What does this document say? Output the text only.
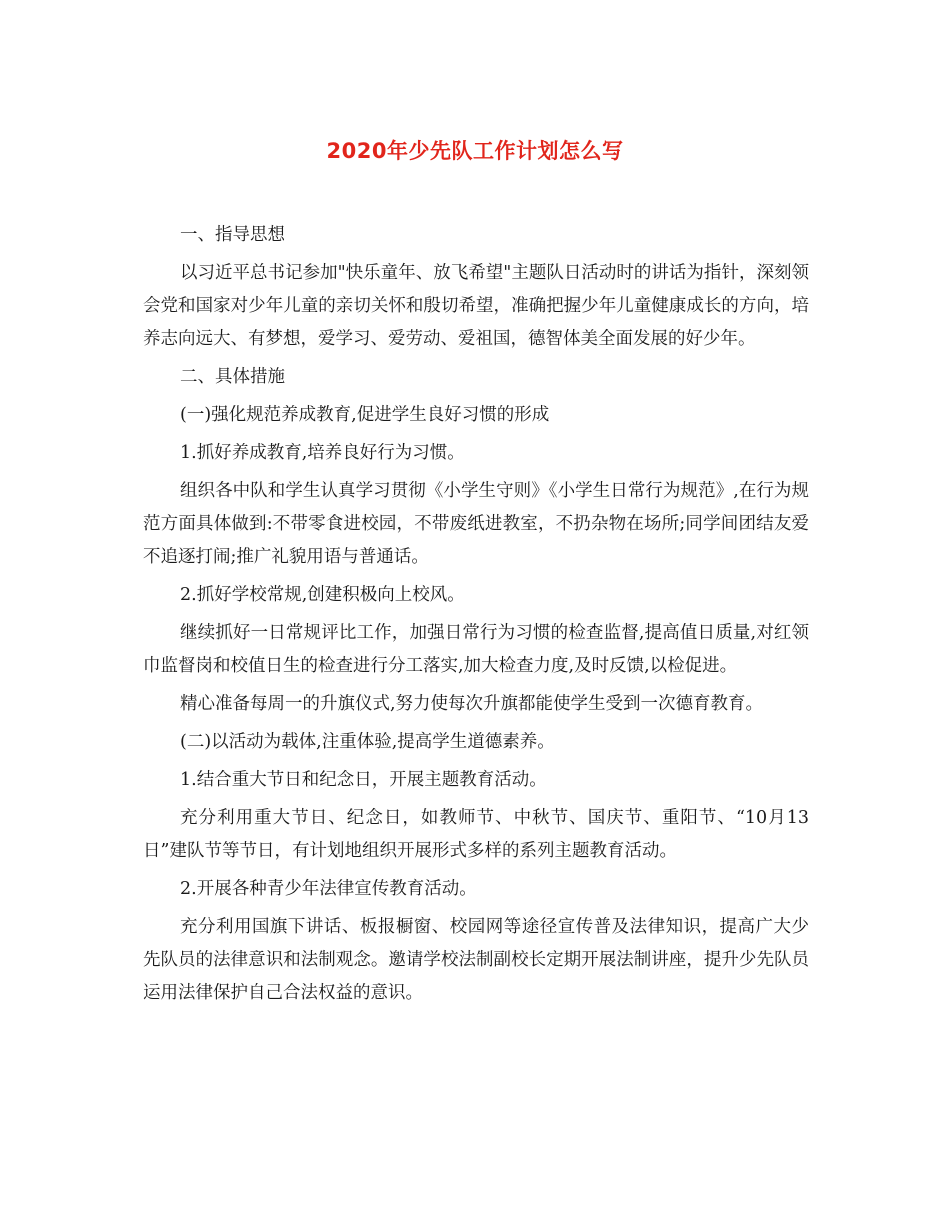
2020年少先队工作计划怎么写

一、指导思想

以习近平总书记参加"快乐童年、放飞希望"主题队日活动时的讲话为指针，深刻领会党和国家对少年儿童的亲切关怀和殷切希望，准确把握少年儿童健康成长的方向，培养志向远大、有梦想，爱学习、爱劳动、爱祖国，德智体美全面发展的好少年。

二、具体措施

(一)强化规范养成教育,促进学生良好习惯的形成

1.抓好养成教育,培养良好行为习惯。

组织各中队和学生认真学习贯彻《小学生守则》《小学生日常行为规范》,在行为规范方面具体做到:不带零食进校园，不带废纸进教室，不扔杂物在场所;同学间团结友爱不追逐打闹;推广礼貌用语与普通话。

2.抓好学校常规,创建积极向上校风。

继续抓好一日常规评比工作，加强日常行为习惯的检查监督,提高值日质量,对红领巾监督岗和校值日生的检查进行分工落实,加大检查力度,及时反馈,以检促进。

精心准备每周一的升旗仪式,努力使每次升旗都能使学生受到一次德育教育。

(二)以活动为载体,注重体验,提高学生道德素养。

1.结合重大节日和纪念日，开展主题教育活动。

充分利用重大节日、纪念日，如教师节、中秋节、国庆节、重阳节、“10月13日”建队节等节日，有计划地组织开展形式多样的系列主题教育活动。

2.开展各种青少年法律宣传教育活动。

充分利用国旗下讲话、板报橱窗、校园网等途径宣传普及法律知识，提高广大少先队员的法律意识和法制观念。邀请学校法制副校长定期开展法制讲座，提升少先队员运用法律保护自己合法权益的意识。
